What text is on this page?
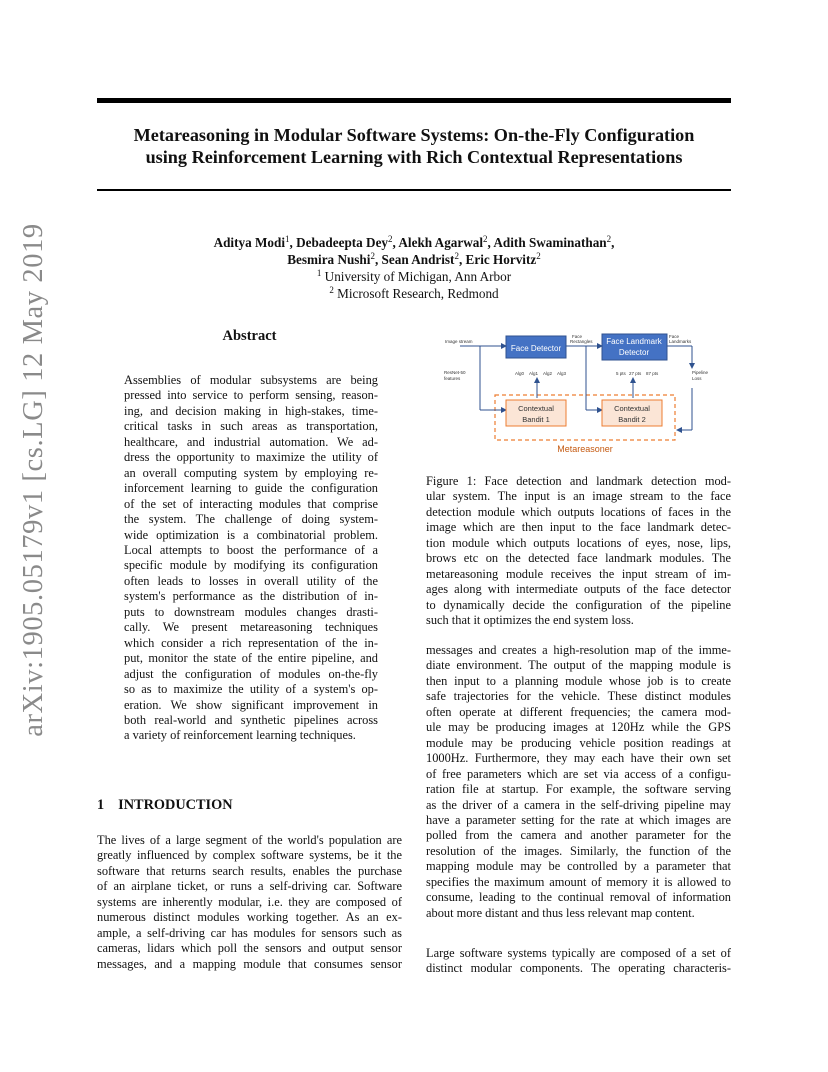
arXiv:1905.05179v1 [cs.LG] 12 May 2019
Metareasoning in Modular Software Systems: On-the-Fly Configuration
using Reinforcement Learning with Rich Contextual Representations
Aditya Modi$^1$, Debadeepta Dey$^2$, Alekh Agarwal$^2$, Adith Swaminathan$^2$,
Besmira Nushi$^2$, Sean Andrist$^2$, Eric Horvitz$^2$
$^1$ University of Michigan, Ann Arbor
$^2$ Microsoft Research, Redmond
Abstract
Assemblies of modular subsystems are being
pressed into service to perform sensing, reason-
ing, and decision making in high-stakes, time-
critical tasks in such areas as transportation,
healthcare, and industrial automation. We ad-
dress the opportunity to maximize the utility of
an overall computing system by employing re-
inforcement learning to guide the configuration
of the set of interacting modules that comprise
the system. The challenge of doing system-
wide optimization is a combinatorial problem.
Local attempts to boost the performance of a
specific module by modifying its configuration
often leads to losses in overall utility of the
system's performance as the distribution of in-
puts to downstream modules changes drasti-
cally. We present metareasoning techniques
which consider a rich representation of the in-
put, monitor the state of the entire pipeline, and
adjust the configuration of modules on-the-fly
so as to maximize the utility of a system's op-
eration. We show significant improvement in
both real-world and synthetic pipelines across
a variety of reinforcement learning techniques.
1 INTRODUCTION
The lives of a large segment of the world's population are
greatly influenced by complex software systems, be it the
software that returns search results, enables the purchase
of an airplane ticket, or runs a self-driving car. Software
systems are inherently modular, i.e. they are composed of
numerous distinct modules working together. As an ex-
ample, a self-driving car has modules for sensors such as
cameras, lidars which poll the sensors and output sensor
messages, and a mapping module that consumes sensor
Face Detector
Face Landmark
Detector
Contextual
Bandit 1
Contextual
Bandit 2
Image stream
Face
Rectangles
Face
Landmarks
ResNet-50
features
Pipeline
Loss
Alg0 Alg1 Alg2 Alg3	5 pts 27 pts 87 pts
Metareasoner
Figure 1: Face detection and landmark detection mod-
ular system. The input is an image stream to the face
detection module which outputs locations of faces in the
image which are then input to the face landmark detec-
tion module which outputs locations of eyes, nose, lips,
brows etc on the detected face landmark modules. The
metareasoning module receives the input stream of im-
ages along with intermediate outputs of the face detector
to dynamically decide the configuration of the pipeline
such that it optimizes the end system loss.
messages and creates a high-resolution map of the imme-
diate environment. The output of the mapping module is
then input to a planning module whose job is to create
safe trajectories for the vehicle. These distinct modules
often operate at different frequencies; the camera mod-
ule may be producing images at 120Hz while the GPS
module may be producing vehicle position readings at
1000Hz. Furthermore, they may each have their own set
of free parameters which are set via access of a configu-
ration file at startup. For example, the software serving
as the driver of a camera in the self-driving pipeline may
have a parameter setting for the rate at which images are
polled from the camera and another parameter for the
resolution of the images. Similarly, the function of the
mapping module may be controlled by a parameter that
specifies the maximum amount of memory it is allowed to
consume, leading to the continual removal of information
about more distant and thus less relevant map content.
Large software systems typically are composed of a set of
distinct modular components. The operating characteris-
